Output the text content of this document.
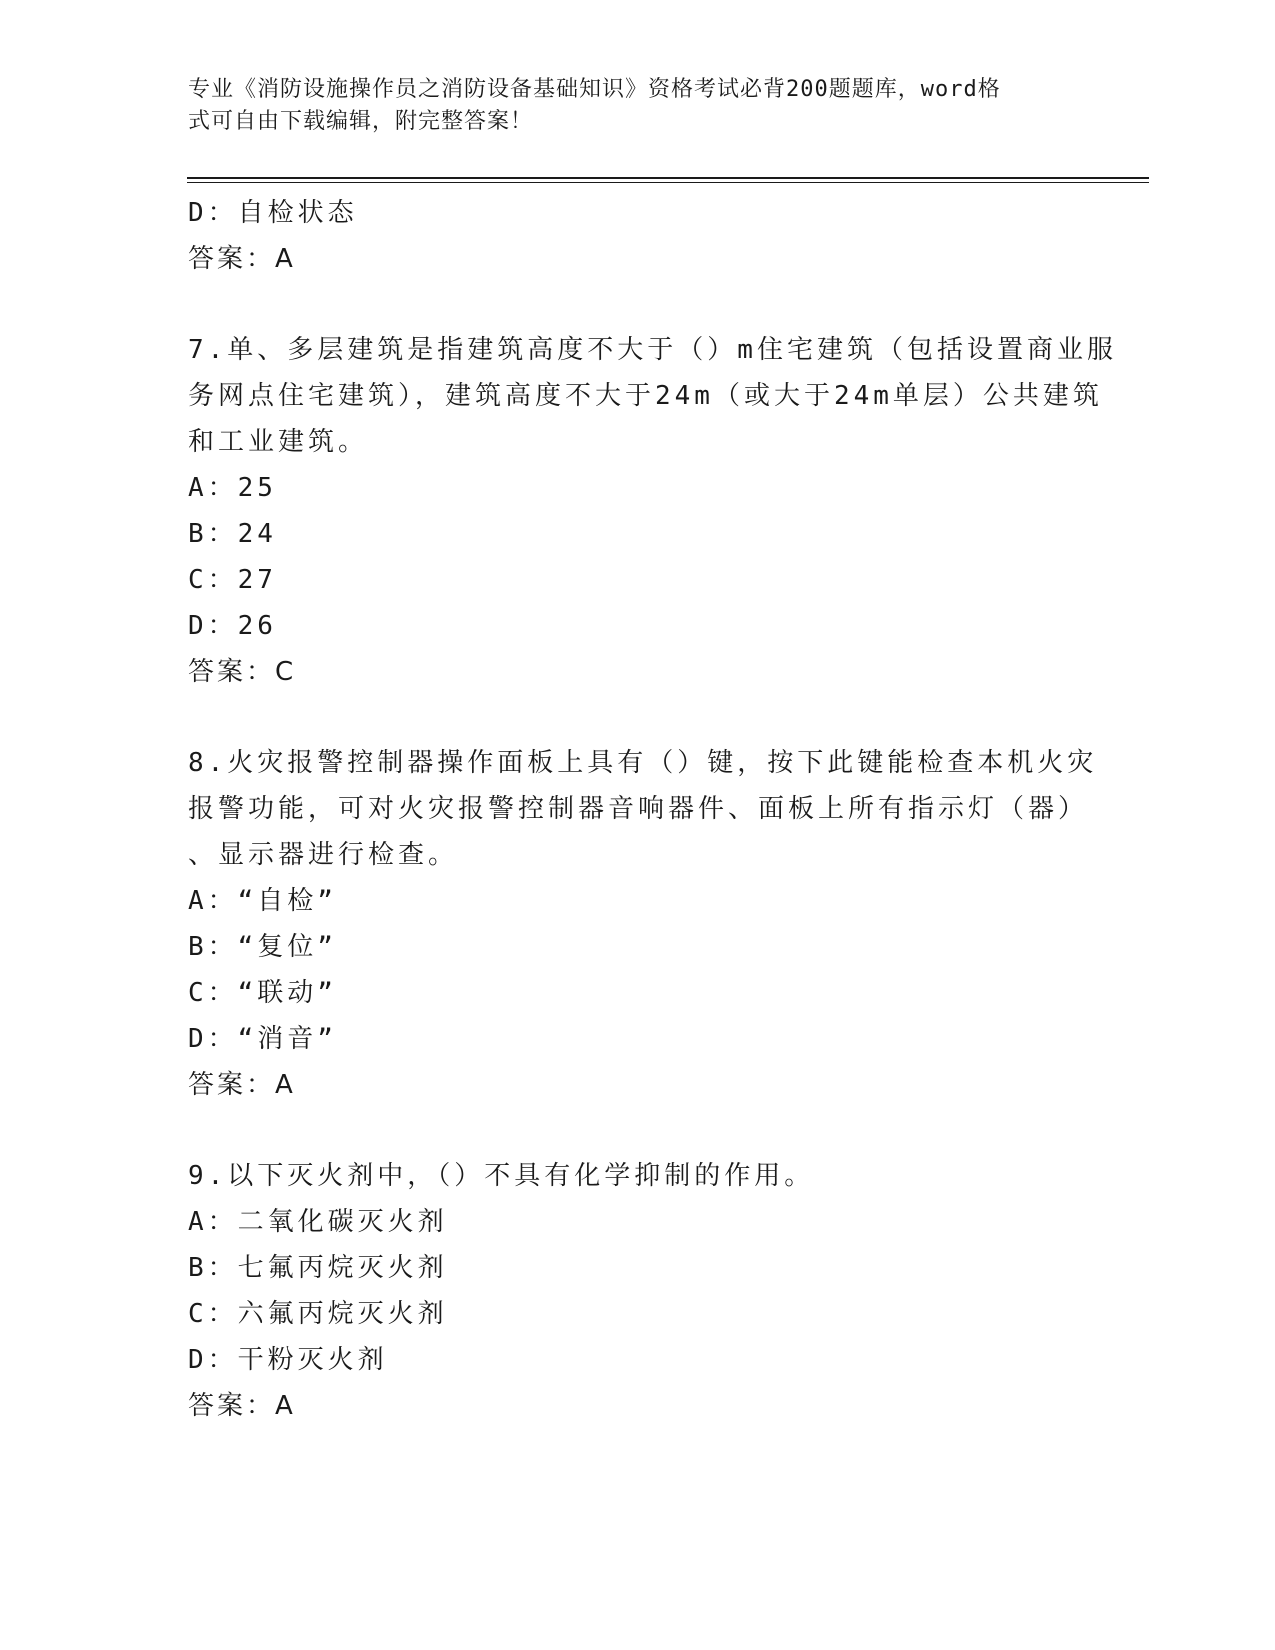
专业《消防设施操作员之消防设备基础知识》资格考试必背200题题库，word格
式可自由下载编辑，附完整答案！
D：自检状态
答案：A
7.单、多层建筑是指建筑高度不大于（）m住宅建筑（包括设置商业服
务网点住宅建筑），建筑高度不大于24m（或大于24m单层）公共建筑
和工业建筑。
A：25
B：24
C：27
D：26
答案：C
8.火灾报警控制器操作面板上具有（）键，按下此键能检查本机火灾
报警功能，可对火灾报警控制器音响器件、面板上所有指示灯（器）
、显示器进行检查。
A：“自检”
B：“复位”
C：“联动”
D：“消音”
答案：A
9.以下灭火剂中，（）不具有化学抑制的作用。
A：二氧化碳灭火剂
B：七氟丙烷灭火剂
C：六氟丙烷灭火剂
D：干粉灭火剂
答案：A
